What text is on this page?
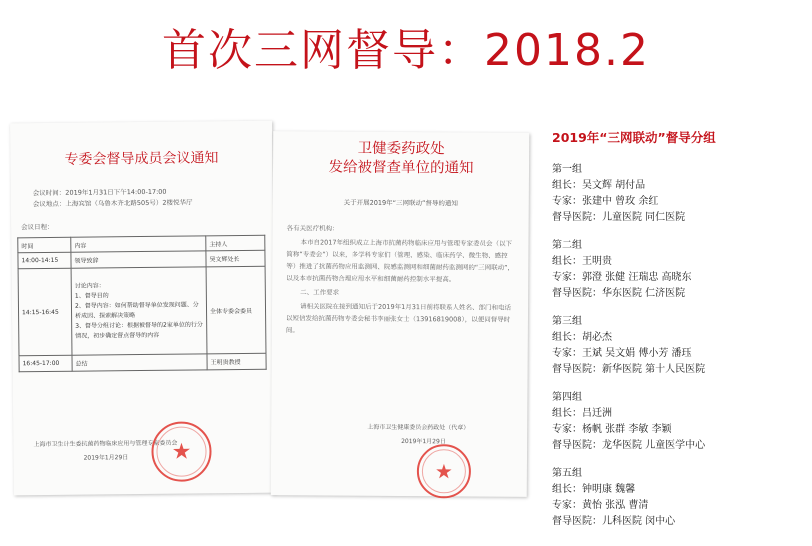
首次三网督导：2018.2
专委会督导成员会议通知
会议时间：2019年1月31日下午14:00-17:00
会议地点：上海宾馆（乌鲁木齐北路505号）2楼悦华厅
会议日程：
时间	内容	主持人
14:00-14:15	领导致辞	吴文辉处长
14:15-16:45	讨论内容：
1、督导目的
2、督导内容：如何帮助督导单位发现问题、分析成因、探索解决策略
3、督导分组讨论：根据被督导的2家单位的行分情况，初步确定督点督导的内容	全体专委会委员
16:45-17:00	总结	王明贵教授
上海市卫生计生委抗菌药物临床应用与管理专家委员会
2019年1月29日 ★
卫健委药政处
发给被督查单位的通知
关于开展2019年“三网联动”督导的通知
各有关医疗机构：
本市自2017年组织成立上海市抗菌药物临床应用与管理专家委员会（以下简称“专委会”）以来，多学科专家们（管理、感染、临床药学、微生物、感控等）推进了抗菌药物应用监测网、院感监测网和细菌耐药监测网的“三网联动”，以及本市抗菌药物合理应用水平和细菌耐药控制水平提高。
二、工作要求
请相关医院在接到通知后于2019年1月31日前将联系人姓名、部门和电话以短信发给抗菌药物专委会秘书李丽张女士（13916819008），以便同督导时间。
上海市卫生健康委员会药政处（代章）
2019年1月29日
★
2019年“三网联动”督导分组
第一组
组长：吴文辉 胡付品
专家：张建中 曾玫 余红
督导医院：儿童医院 同仁医院
第二组
组长：王明贵
专家：郭澄 张健 汪瑞忠 高晓东
督导医院：华东医院 仁济医院
第三组
组长：胡必杰
专家：王斌 吴文娟 傅小芳 潘珏
督导医院：新华医院 第十人民医院
第四组
组长：吕迁洲
专家：杨帆 张群 李敏 李颖
督导医院：龙华医院 儿童医学中心
第五组
组长：钟明康 魏馨
专家：黄怡 张泓 曹清
督导医院：儿科医院 闵中心
